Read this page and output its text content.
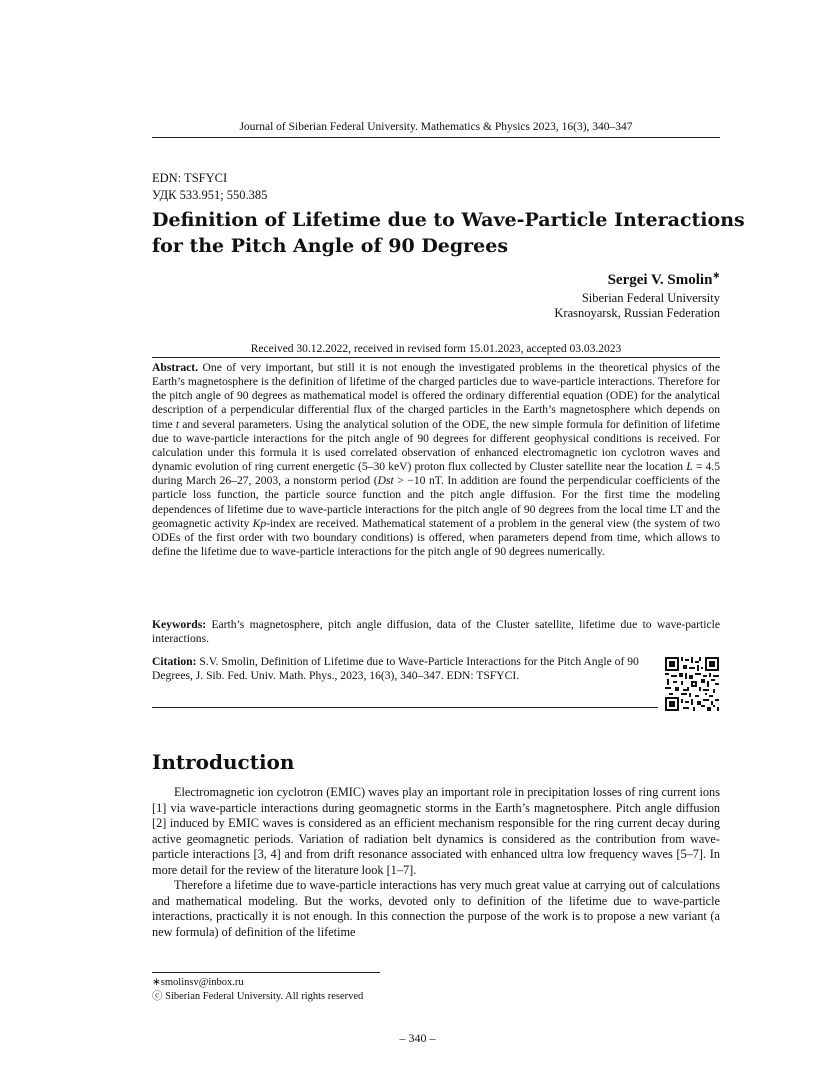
Journal of Siberian Federal University. Mathematics & Physics 2023, 16(3), 340–347
EDN: TSFYCI
УДК 533.951; 550.385
Definition of Lifetime due to Wave-Particle Interactions
for the Pitch Angle of 90 Degrees
Sergei V. Smolin∗
Siberian Federal University
Krasnoyarsk, Russian Federation
Received 30.12.2022, received in revised form 15.01.2023, accepted 03.03.2023
Abstract. One of very important, but still it is not enough the investigated problems in the theoretical physics of the Earth’s magnetosphere is the definition of lifetime of the charged particles due to wave-particle interactions. Therefore for the pitch angle of 90 degrees as mathematical model is offered the ordinary differential equation (ODE) for the analytical description of a perpendicular differential flux of the charged particles in the Earth’s magnetosphere which depends on time t and several parameters. Using the analytical solution of the ODE, the new simple formula for definition of lifetime due to wave-particle interactions for the pitch angle of 90 degrees for different geophysical conditions is received. For calculation under this formula it is used correlated observation of enhanced electromagnetic ion cyclotron waves and dynamic evolution of ring current energetic (5–30 keV) proton flux collected by Cluster satellite near the location L = 4.5 during March 26–27, 2003, a nonstorm period (Dst > −10 nT. In addition are found the perpendicular coefficients of the particle loss function, the particle source function and the pitch angle diffusion. For the first time the modeling dependences of lifetime due to wave-particle interactions for the pitch angle of 90 degrees from the local time LT and the geomagnetic activity Kp-index are received. Mathematical statement of a problem in the general view (the system of two ODEs of the first order with two boundary conditions) is offered, when parameters depend from time, which allows to define the lifetime due to wave-particle interactions for the pitch angle of 90 degrees numerically.
Keywords: Earth’s magnetosphere, pitch angle diffusion, data of the Cluster satellite, lifetime due to wave-particle interactions.
Citation: S.V. Smolin, Definition of Lifetime due to Wave-Particle Interactions for the Pitch Angle of 90 Degrees, J. Sib. Fed. Univ. Math. Phys., 2023, 16(3), 340–347. EDN: TSFYCI.
Introduction

Electromagnetic ion cyclotron (EMIC) waves play an important role in precipitation losses of ring current ions [1] via wave-particle interactions during geomagnetic storms in the Earth’s magnetosphere. Pitch angle diffusion [2] induced by EMIC waves is considered as an efficient mechanism responsible for the ring current decay during active geomagnetic periods. Variation of radiation belt dynamics is considered as the contribution from wave-particle interactions [3, 4] and from drift resonance associated with enhanced ultra low frequency waves [5–7]. In more detail for the review of the literature look [1–7].

Therefore a lifetime due to wave-particle interactions has very much great value at carrying out of calculations and mathematical modeling. But the works, devoted only to definition of the lifetime due to wave-particle interactions, practically it is not enough. In this connection the purpose of the work is to propose a new variant (a new formula) of definition of the lifetime

∗smolinsv@inbox.ru
ⓒ Siberian Federal University. All rights reserved
– 340 –
